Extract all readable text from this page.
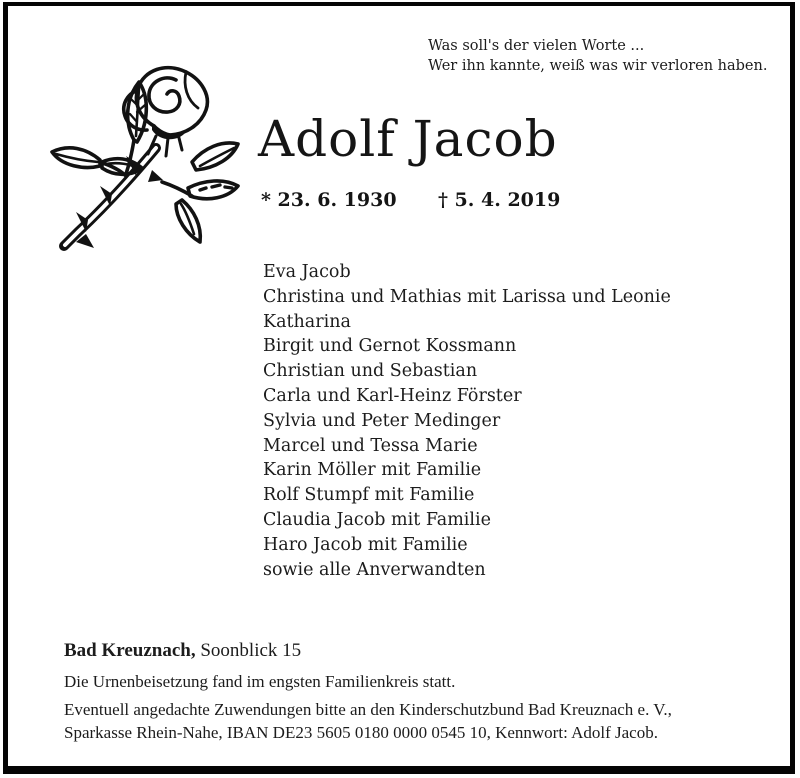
Was soll's der vielen Worte ...
Wer ihn kannte, weiß was wir verloren haben.
Adolf Jacob
* 23. 6. 1930 † 5. 4. 2019
Eva Jacob
Christina und Mathias mit Larissa und Leonie
Katharina
Birgit und Gernot Kossmann
Christian und Sebastian
Carla und Karl-Heinz Förster
Sylvia und Peter Medinger
Marcel und Tessa Marie
Karin Möller mit Familie
Rolf Stumpf mit Familie
Claudia Jacob mit Familie
Haro Jacob mit Familie
sowie alle Anverwandten
Bad Kreuznach, Soonblick 15
Die Urnenbeisetzung fand im engsten Familienkreis statt.
Eventuell angedachte Zuwendungen bitte an den Kinderschutzbund Bad Kreuznach e. V.,
Sparkasse Rhein-Nahe, IBAN DE23 5605 0180 0000 0545 10, Kennwort: Adolf Jacob.
